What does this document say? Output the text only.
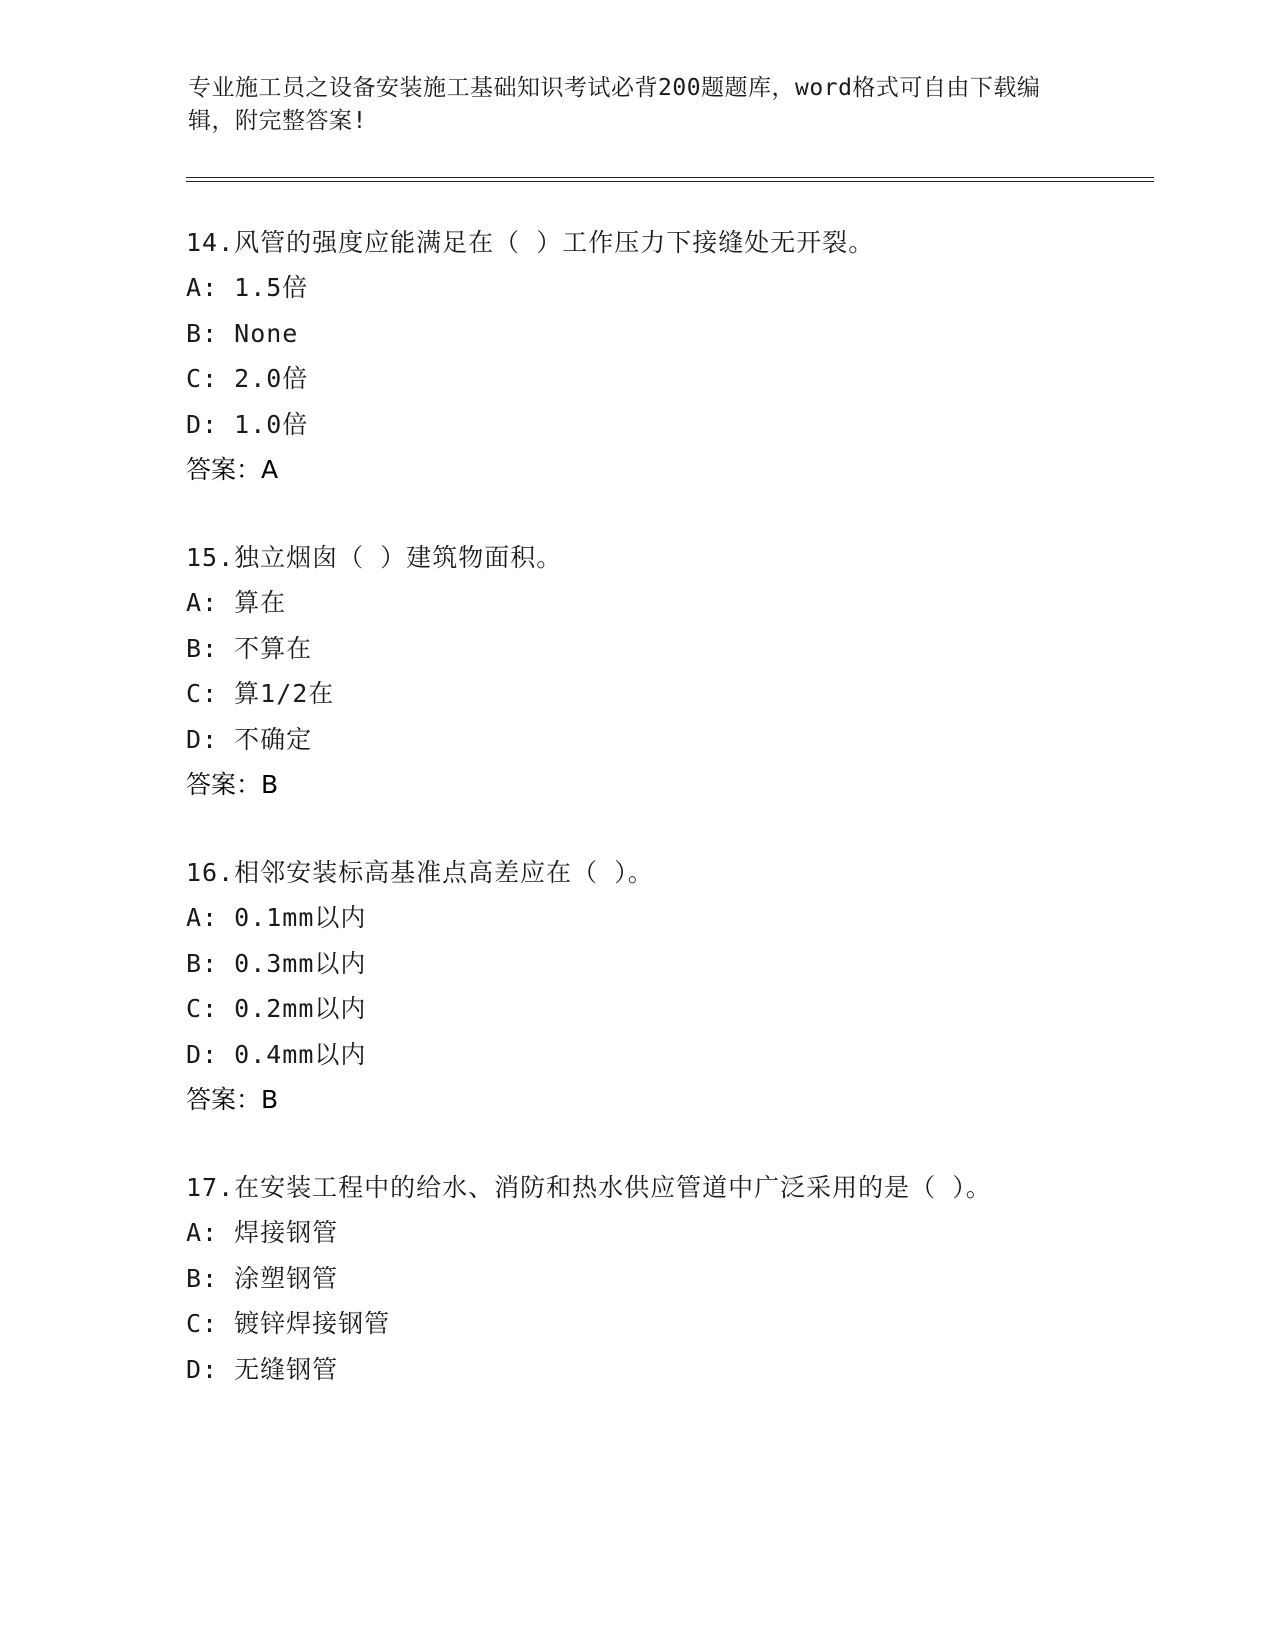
专业施工员之设备安装施工基础知识考试必背200题题库，word格式可自由下载编辑，附完整答案!
14.风管的强度应能满足在（ ）工作压力下接缝处无开裂。
A: 1.5倍
B: None
C: 2.0倍
D: 1.0倍
答案：A
15.独立烟囱（ ）建筑物面积。
A: 算在
B: 不算在
C: 算1/2在
D: 不确定
答案：B
16.相邻安装标高基准点高差应在（ ）。
A: 0.1mm以内
B: 0.3mm以内
C: 0.2mm以内
D: 0.4mm以内
答案：B
17.在安装工程中的给水、消防和热水供应管道中广泛采用的是（ ）。
A: 焊接钢管
B: 涂塑钢管
C: 镀锌焊接钢管
D: 无缝钢管
